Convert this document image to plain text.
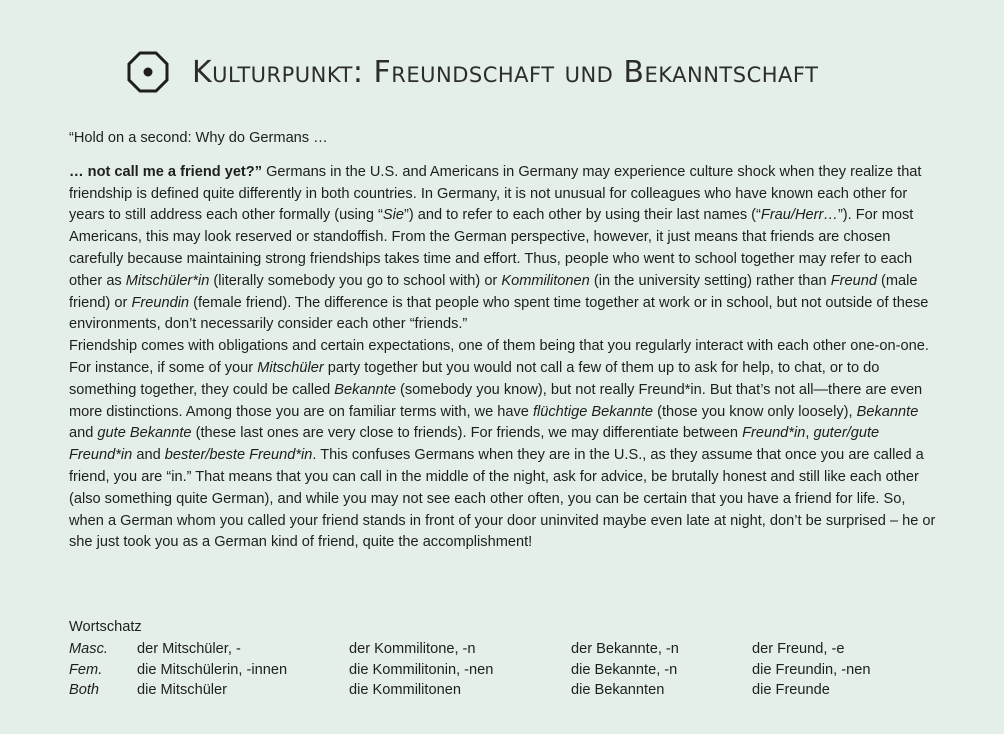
Kulturpunkt: Freundschaft und Bekanntschaft

“Hold on a second: Why do Germans …

… not call me a friend yet?” Germans in the U.S. and Americans in Germany may experience culture shock when they realize that friendship is defined quite differently in both countries. In Germany, it is not unusual for colleagues who have known each other for years to still address each other formally (using “Sie”) and to refer to each other by using their last names (“Frau/Herr…”). For most Americans, this may look reserved or standoffish. From the German perspective, however, it just means that friends are chosen carefully because maintaining strong friendships takes time and effort. Thus, people who went to school together may refer to each other as Mitschüler*in (literally somebody you go to school with) or Kommilitonen (in the university setting) rather than Freund (male friend) or Freundin (female friend). The difference is that people who spent time together at work or in school, but not outside of these environments, don’t necessarily consider each other “friends.”

Friendship comes with obligations and certain expectations, one of them being that you regularly interact with each other one-on-one. For instance, if some of your Mitschüler party together but you would not call a few of them up to ask for help, to chat, or to do something together, they could be called Bekannte (somebody you know), but not really Freund*in. But that’s not all—there are even more distinctions. Among those you are on familiar terms with, we have flüchtige Bekannte (those you know only loosely), Bekannte and gute Bekannte (these last ones are very close to friends). For friends, we may differentiate between Freund*in, guter/gute Freund*in and bester/beste Freund*in. This confuses Germans when they are in the U.S., as they assume that once you are called a friend, you are “in.” That means that you can call in the middle of the night, ask for advice, be brutally honest and still like each other (also something quite German), and while you may not see each other often, you can be certain that you have a friend for life. So, when a German whom you called your friend stands in front of your door uninvited maybe even late at night, don’t be surprised – he or she just took you as a German kind of friend, quite the accomplishment!

Wortschatz
Masc.	der Mitschüler, -	der Kommilitone, -n	der Bekannte, -n	der Freund, -e
Fem.	die Mitschülerin, -innen	die Kommilitonin, -nen	die Bekannte, -n	die Freundin, -nen
Both	die Mitschüler	die Kommilitonen	die Bekannten	die Freunde
